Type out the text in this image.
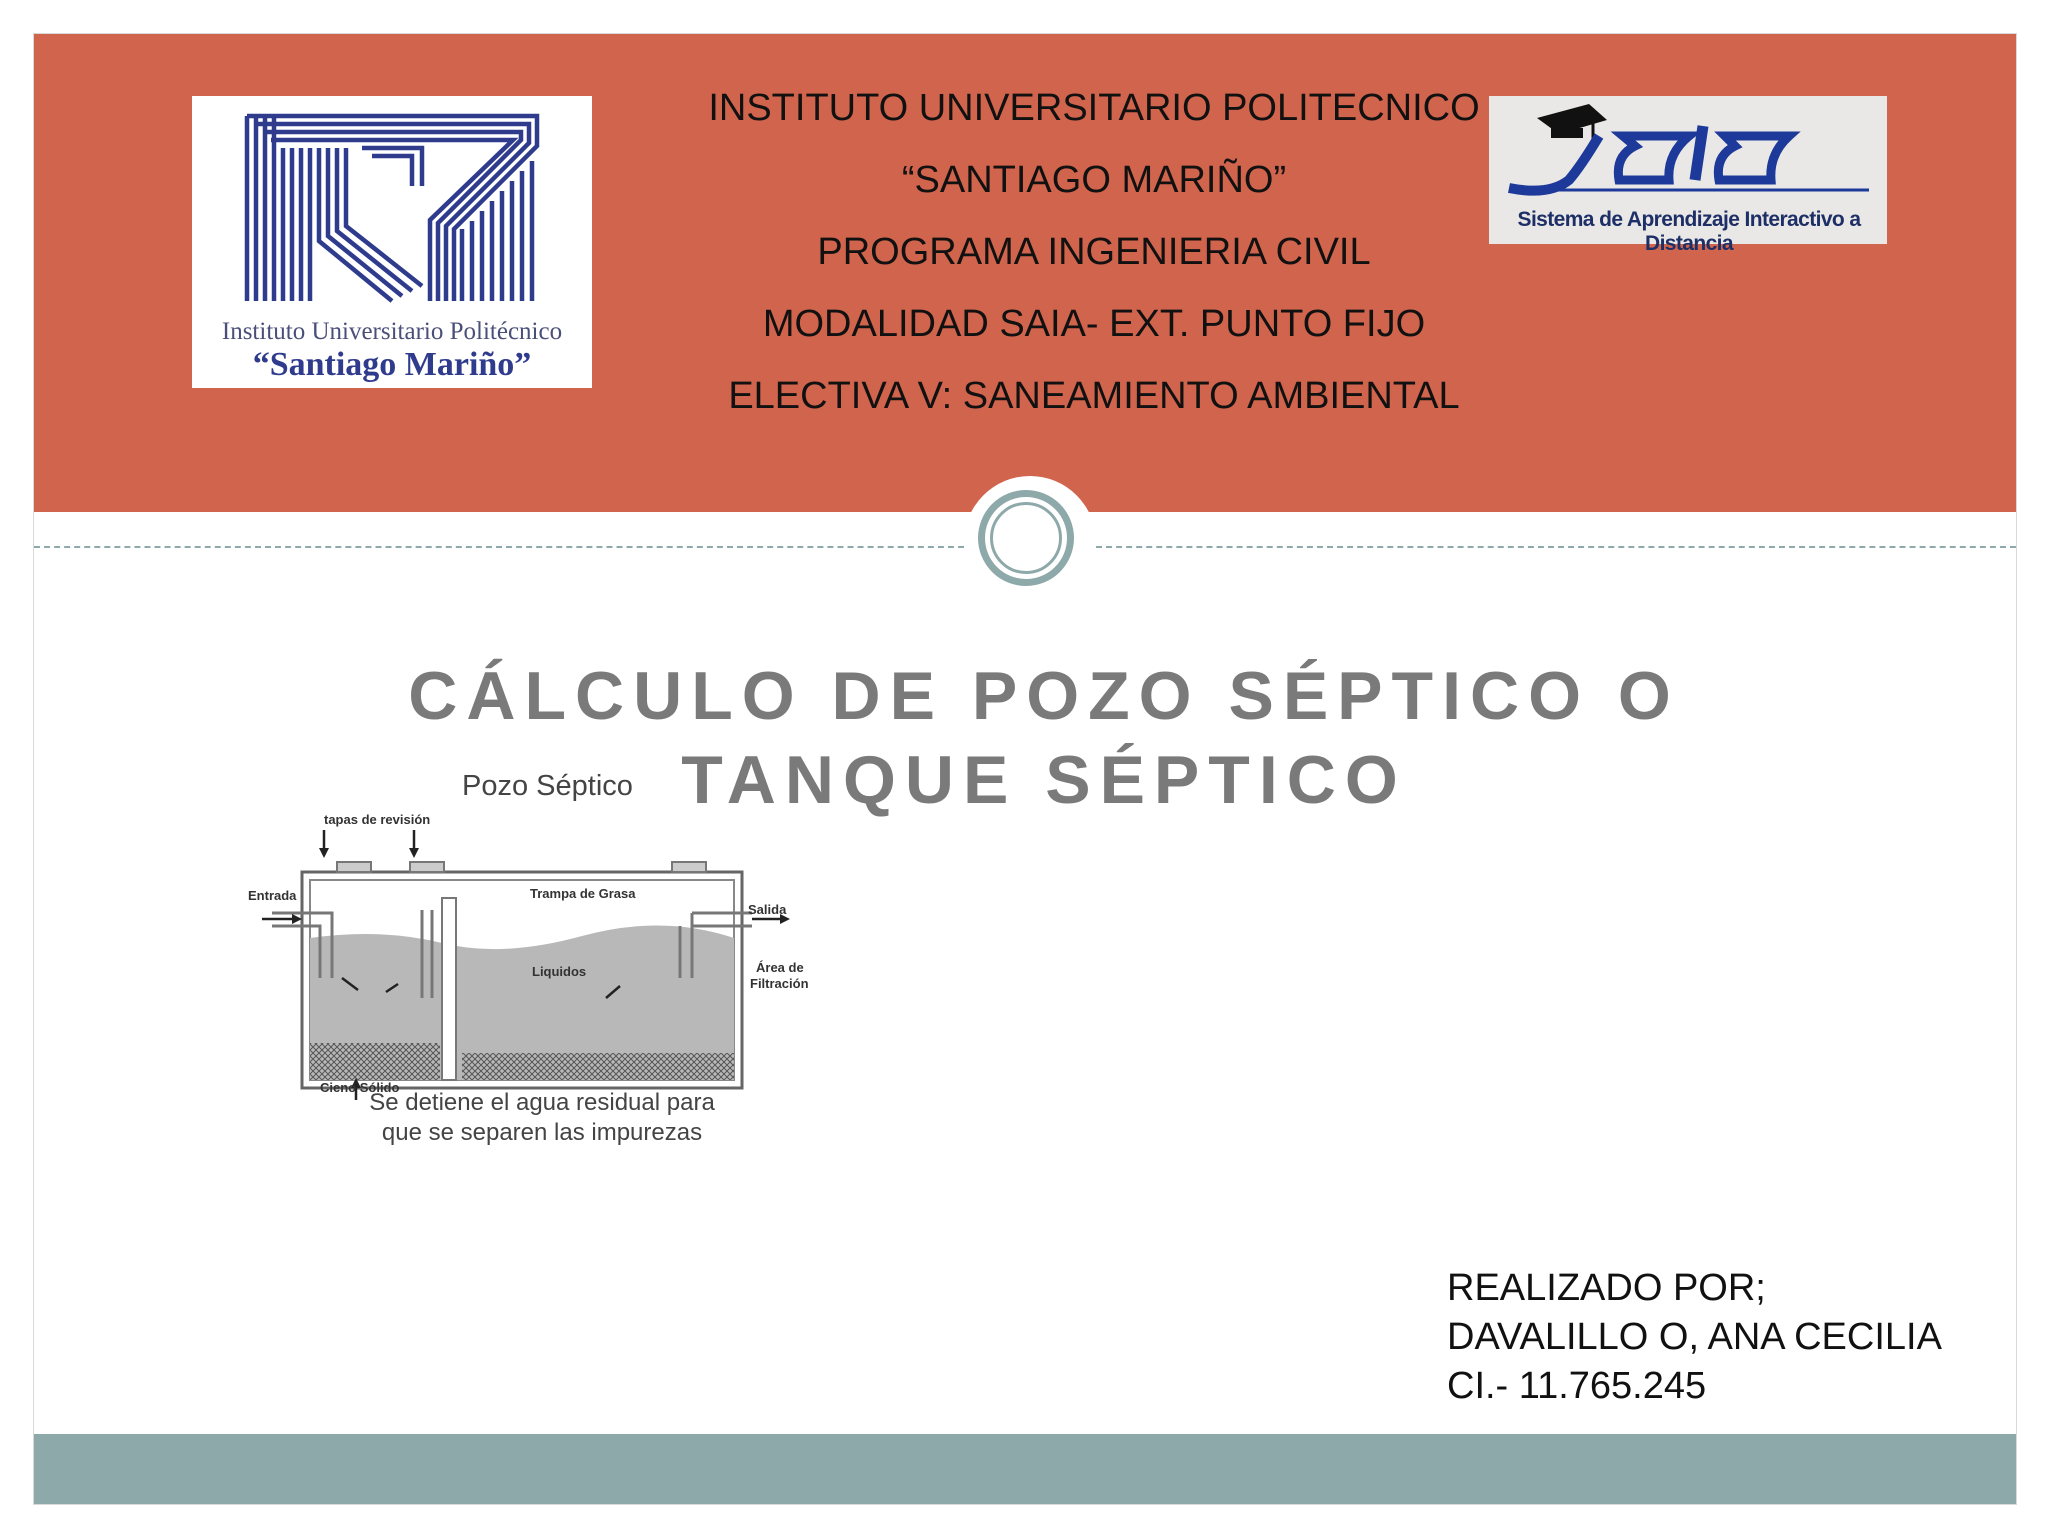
Instituto Universitario Politécnico
“Santiago Mariño”
INSTITUTO UNIVERSITARIO POLITECNICO
“SANTIAGO MARIÑO”
PROGRAMA INGENIERIA CIVIL
MODALIDAD SAIA- EXT. PUNTO FIJO
ELECTIVA V: SANEAMIENTO AMBIENTAL
Sistema de Aprendizaje Interactivo a Distancia
CÁLCULO DE POZO SÉPTICO O
TANQUE SÉPTICO
Pozo Séptico
tapas de revisión
Entrada	Trampa de Grasa
Salida
Liquidos	Área de
Filtración
Cieno Sólido
Se detiene el agua residual para
que se separen las impurezas
REALIZADO POR;
DAVALILLO O, ANA CECILIA
CI.- 11.765.245
